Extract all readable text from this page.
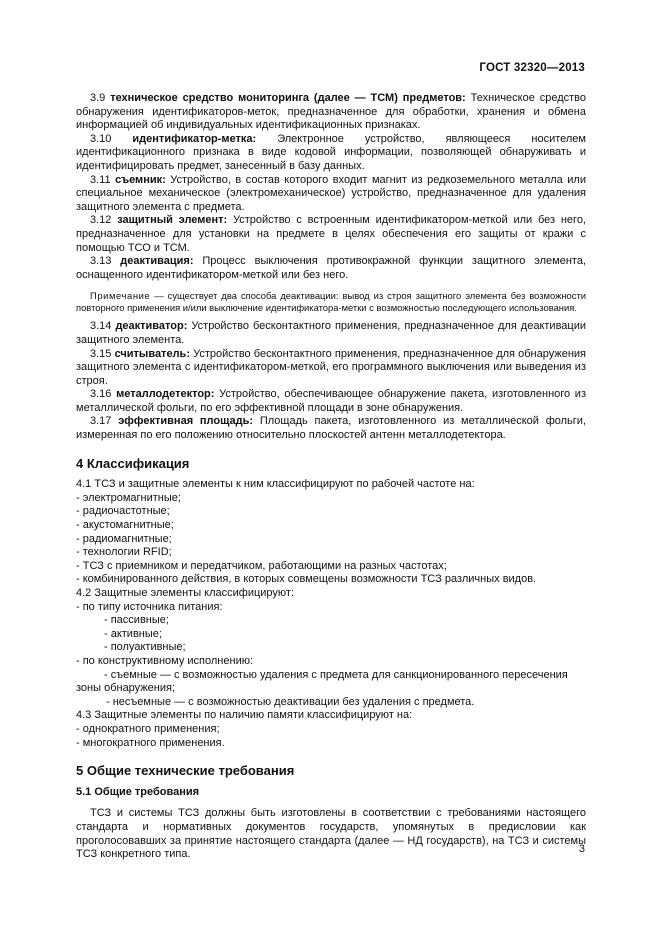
ГОСТ 32320—2013
3.9 техническое средство мониторинга (далее — ТСМ) предметов: Техническое средство обнаружения идентификаторов-меток, предназначенное для обработки, хранения и обмена информацией об индивидуальных идентификационных признаках.
3.10 идентификатор-метка: Электронное устройство, являющееся носителем идентификационного признака в виде кодовой информации, позволяющей обнаруживать и идентифицировать предмет, занесенный в базу данных.
3.11 съемник: Устройство, в состав которого входит магнит из редкоземельного металла или специальное механическое (электромеханическое) устройство, предназначенное для удаления защитного элемента с предмета.
3.12 защитный элемент: Устройство с встроенным идентификатором-меткой или без него, предназначенное для установки на предмете в целях обеспечения его защиты от кражи с помощью ТСО и ТСМ.
3.13 деактивация: Процесс выключения противокражной функции защитного элемента, оснащенного идентификатором-меткой или без него.
Примечание — существует два способа деактивации: вывод из строя защитного элемента без возможности повторного применения и/или выключение идентификатора-метки с возможностью последующего использования.
3.14 деактиватор: Устройство бесконтактного применения, предназначенное для деактивации защитного элемента.
3.15 считыватель: Устройство бесконтактного применения, предназначенное для обнаружения защитного элемента с идентификатором-меткой, его программного выключения или выведения из строя.
3.16 металлодетектор: Устройство, обеспечивающее обнаружение пакета, изготовленного из металлической фольги, по его эффективной площади в зоне обнаружения.
3.17 эффективная площадь: Площадь пакета, изготовленного из металлической фольги, измеренная по его положению относительно плоскостей антенн металлодетектора.
4 Классификация
4.1 ТСЗ и защитные элементы к ним классифицируют по рабочей частоте на:
- электромагнитные;
- радиочастотные;
- акустомагнитные;
- радиомагнитные;
- технологии RFID;
- ТСЗ с приемником и передатчиком, работающими на разных частотах;
- комбинированного действия, в которых совмещены возможности ТСЗ различных видов.
4.2 Защитные элементы классифицируют:
- по типу источника питания:
- пассивные;
- активные;
- полуактивные;
- по конструктивному исполнению:
- съемные — с возможностью удаления с предмета для санкционированного пересечения
зоны обнаружения;
- несъемные — с возможностью деактивации без удаления с предмета.
4.3 Защитные элементы по наличию памяти классифицируют на:
- однократного применения;
- многократного применения.
5 Общие технические требования
5.1 Общие требования
ТСЗ и системы ТСЗ должны быть изготовлены в соответствии с требованиями настоящего стандарта и нормативных документов государств, упомянутых в предисловии как проголосовавших за принятие настоящего стандарта (далее — НД государств), на ТСЗ и системы ТСЗ конкретного типа.	3
